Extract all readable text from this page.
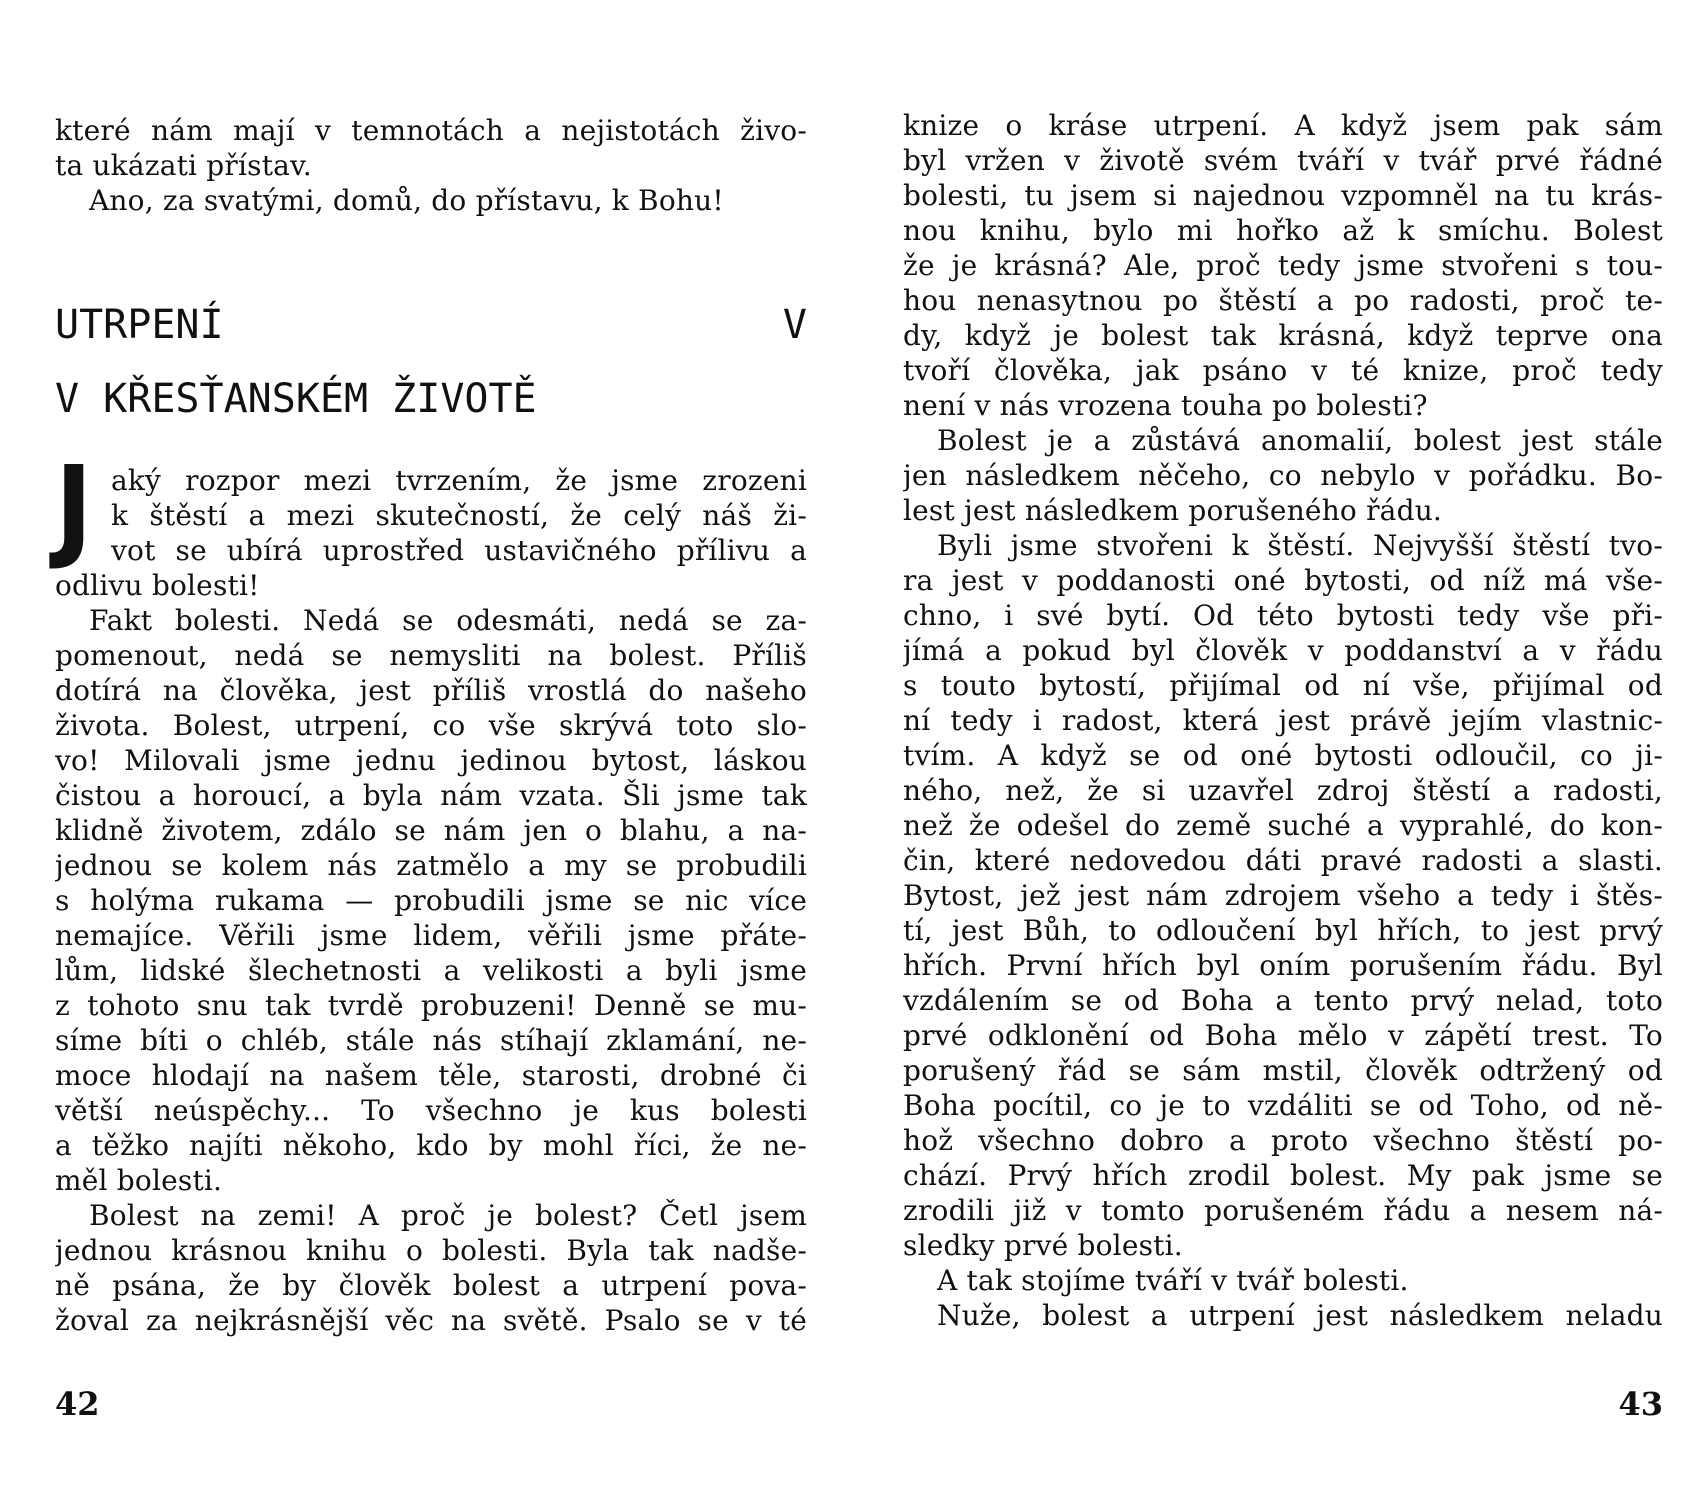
které nám mají v temnotách a nejistotách živo-
ta ukázati přístav.
Ano, za svatými, domů, do přístavu, k Bohu!
UTRPENÍ	V
V KŘESŤANSKÉM ŽIVOTĚ
J aký rozpor mezi tvrzením, že jsme zrozeni
k štěstí a mezi skutečností, že celý náš ži-
vot se ubírá uprostřed ustavičného přílivu a
odlivu bolesti!
Fakt bolesti. Nedá se odesmáti, nedá se za-
pomenout, nedá se nemysliti na bolest. Příliš
dotírá na člověka, jest příliš vrostlá do našeho
života. Bolest, utrpení, co vše skrývá toto slo-
vo! Milovali jsme jednu jedinou bytost, láskou
čistou a horoucí, a byla nám vzata. Šli jsme tak
klidně životem, zdálo se nám jen o blahu, a na-
jednou se kolem nás zatmělo a my se probudili
s holýma rukama — probudili jsme se nic více
nemajíce. Věřili jsme lidem, věřili jsme přáte-
lům, lidské šlechetnosti a velikosti a byli jsme
z tohoto snu tak tvrdě probuzeni! Denně se mu-
síme bíti o chléb, stále nás stíhají zklamání, ne-
moce hlodají na našem těle, starosti, drobné či
větší neúspěchy... To všechno je kus bolesti
a těžko najíti někoho, kdo by mohl říci, že ne-
měl bolesti.
Bolest na zemi! A proč je bolest? Četl jsem
jednou krásnou knihu o bolesti. Byla tak nadše-
ně psána, že by člověk bolest a utrpení pova-
žoval za nejkrásnější věc na světě. Psalo se v té
42
knize o kráse utrpení. A když jsem pak sám
byl vržen v životě svém tváří v tvář prvé řádné
bolesti, tu jsem si najednou vzpomněl na tu krás-
nou knihu, bylo mi hořko až k smíchu. Bolest
že je krásná? Ale, proč tedy jsme stvořeni s tou-
hou nenasytnou po štěstí a po radosti, proč te-
dy, když je bolest tak krásná, když teprve ona
tvoří člověka, jak psáno v té knize, proč tedy
není v nás vrozena touha po bolesti?
Bolest je a zůstává anomalií, bolest jest stále
jen následkem něčeho, co nebylo v pořádku. Bo-
lest jest následkem porušeného řádu.
Byli jsme stvořeni k štěstí. Nejvyšší štěstí tvo-
ra jest v poddanosti oné bytosti, od níž má vše-
chno, i své bytí. Od této bytosti tedy vše při-
jímá a pokud byl člověk v poddanství a v řádu
s touto bytostí, přijímal od ní vše, přijímal od
ní tedy i radost, která jest právě jejím vlastnic-
tvím. A když se od oné bytosti odloučil, co ji-
ného, než, že si uzavřel zdroj štěstí a radosti,
než že odešel do země suché a vyprahlé, do kon-
čin, které nedovedou dáti pravé radosti a slasti.
Bytost, jež jest nám zdrojem všeho a tedy i štěs-
tí, jest Bůh, to odloučení byl hřích, to jest prvý
hřích. První hřích byl oním porušením řádu. Byl
vzdálením se od Boha a tento prvý nelad, toto
prvé odklonění od Boha mělo v zápětí trest. To
porušený řád se sám mstil, člověk odtržený od
Boha pocítil, co je to vzdáliti se od Toho, od ně-
hož všechno dobro a proto všechno štěstí po-
chází. Prvý hřích zrodil bolest. My pak jsme se
zrodili již v tomto porušeném řádu a nesem ná-
sledky prvé bolesti.
A tak stojíme tváří v tvář bolesti.
Nuže, bolest a utrpení jest následkem neladu
43
